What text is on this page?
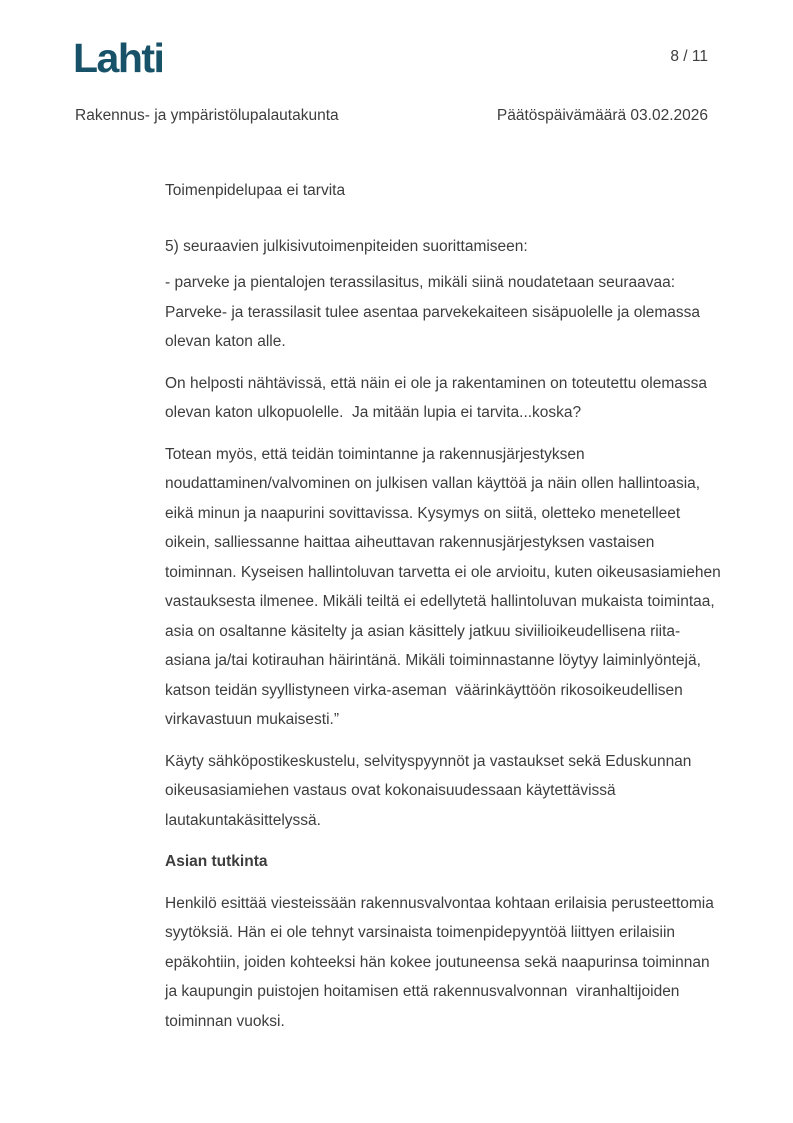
Lahti	8 / 11
Rakennus- ja ympäristölupalautakunta	Päätöspäivämäärä 03.02.2026

Toimenpidelupaa ei tarvita

5) seuraavien julkisivutoimenpiteiden suorittamiseen:

- parveke ja pientalojen terassilasitus, mikäli siinä noudatetaan seuraavaa: Parveke- ja terassilasit tulee asentaa parvekekaiteen sisäpuolelle ja olemassa olevan katon alle.

On helposti nähtävissä, että näin ei ole ja rakentaminen on toteutettu olemassa olevan katon ulkopuolelle.  Ja mitään lupia ei tarvita...koska?

Totean myös, että teidän toimintanne ja rakennusjärjestyksen noudattaminen/valvominen on julkisen vallan käyttöä ja näin ollen hallintoasia, eikä minun ja naapurini sovittavissa. Kysymys on siitä, oletteko menetelleet oikein, salliessanne haittaa aiheuttavan rakennusjärjestyksen vastaisen toiminnan. Kyseisen hallintoluvan tarvetta ei ole arvioitu, kuten oikeusasiamiehen vastauksesta ilmenee. Mikäli teiltä ei edellytetä hallintoluvan mukaista toimintaa, asia on osaltanne käsitelty ja asian käsittely jatkuu siviilioikeudellisena riita-asiana ja/tai kotirauhan häirintänä. Mikäli toiminnastanne löytyy laiminlyöntejä, katson teidän syyllistyneen virka-aseman  väärinkäyttöön rikosoikeudellisen virkavastuun mukaisesti.”

Käyty sähköpostikeskustelu, selvityspyynnöt ja vastaukset sekä Eduskunnan oikeusasiamiehen vastaus ovat kokonaisuudessaan käytettävissä lautakuntakäsittelyssä.

Asian tutkinta

Henkilö esittää viesteissään rakennusvalvontaa kohtaan erilaisia perusteettomia syytöksiä. Hän ei ole tehnyt varsinaista toimenpidepyyntöä liittyen erilaisiin epäkohtiin, joiden kohteeksi hän kokee joutuneensa sekä naapurinsa toiminnan ja kaupungin puistojen hoitamisen että rakennusvalvonnan  viranhaltijoiden toiminnan vuoksi.
